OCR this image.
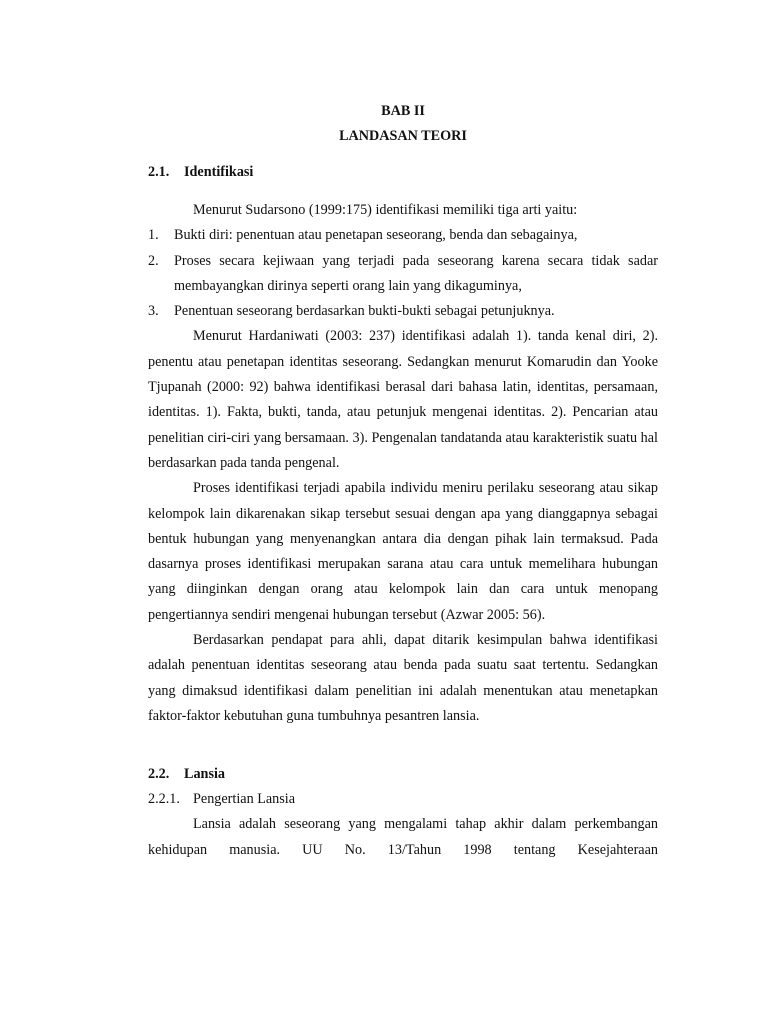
BAB II
LANDASAN TEORI
2.1. Identifikasi

Menurut Sudarsono (1999:175) identifikasi memiliki tiga arti yaitu:

1.	Bukti diri: penentuan atau penetapan seseorang, benda dan sebagainya,
2.	Proses secara kejiwaan yang terjadi pada seseorang karena secara tidak sadar membayangkan dirinya seperti orang lain yang dikaguminya,
3.	Penentuan seseorang berdasarkan bukti-bukti sebagai petunjuknya.

Menurut Hardaniwati (2003: 237) identifikasi adalah 1). tanda kenal diri, 2). penentu atau penetapan identitas seseorang. Sedangkan menurut Komarudin dan Yooke Tjupanah (2000: 92) bahwa identifikasi berasal dari bahasa latin, identitas, persamaan, identitas. 1). Fakta, bukti, tanda, atau petunjuk mengenai identitas. 2). Pencarian atau penelitian ciri-ciri yang bersamaan. 3). Pengenalan tandatanda atau karakteristik suatu hal berdasarkan pada tanda pengenal.

Proses identifikasi terjadi apabila individu meniru perilaku seseorang atau sikap kelompok lain dikarenakan sikap tersebut sesuai dengan apa yang dianggapnya sebagai bentuk hubungan yang menyenangkan antara dia dengan pihak lain termaksud. Pada dasarnya proses identifikasi merupakan sarana atau cara untuk memelihara hubungan yang diinginkan dengan orang atau kelompok lain dan cara untuk menopang pengertiannya sendiri mengenai hubungan tersebut (Azwar 2005: 56).

Berdasarkan pendapat para ahli, dapat ditarik kesimpulan bahwa identifikasi adalah penentuan identitas seseorang atau benda pada suatu saat tertentu. Sedangkan yang dimaksud identifikasi dalam penelitian ini adalah menentukan atau menetapkan faktor-faktor kebutuhan guna tumbuhnya pesantren lansia.

2.2. Lansia
2.2.1. Pengertian Lansia

Lansia adalah seseorang yang mengalami tahap akhir dalam perkembangan kehidupan manusia. UU No. 13/Tahun 1998 tentang Kesejahteraan
